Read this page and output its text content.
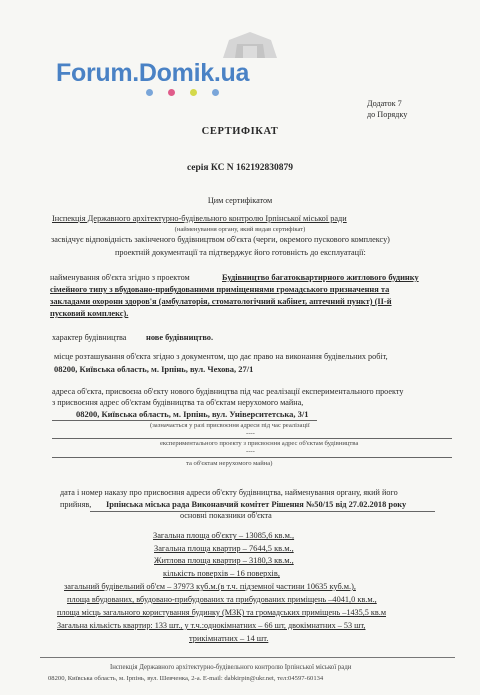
Forum.Domik.ua
Додаток 7
до Порядку
СЕРТИФІКАТ
серія КС N 162192830879
Цим сертифікатом
Інспекція Державного архітектурно-будівельного контролю Ірпінської міської ради
(найменування органу, який видав сертифікат)
засвідчує відповідність закінченого будівництвом об'єкта (черги, окремого пускового комплексу)
проектній документації та підтверджує його готовність до експлуатації:
найменування об'єкта згідно з проектом	Будівництво багатоквартирного житлового будинку
сімейного типу з вбудовано-прибудованими приміщеннями громадського призначення та
закладами охорони здоров'я (амбулаторія, стоматологічний кабінет, аптечний пункт) (II-й
пусковий комплекс).
характер будівництва нове будівництво.
місце розташування об'єкта згідно з документом, що дає право на виконання будівельних робіт,
08200, Київська область, м. Ірпінь, вул. Чехова, 27/1
адреса об'єкта, присвоєна об'єкту нового будівництва під час реалізації експериментального проекту
з присвоєння адрес об'єктам будівництва та об'єктам нерухомого майна,
08200, Київська область, м. Ірпінь, вул. Університетська, 3/1
(зазначається у разі присвоєння адреси під час реалізації
----
експериментального проекту з присвоєння адрес об'єктам будівництва
----
та об'єктам нерухомого майна)
дата і номер наказу про присвоєння адреси об'єкту будівництва, найменування органу, який його
прийняв, Ірпінська міська рада Виконавчий комітет Рішення №50/15 від 27.02.2018 року
основні показники об'єкта
Загальна площа об'єкту – 13085,6 кв.м.,
Загальна площа квартир – 7644,5 кв.м.,
Житлова площа квартир – 3180,3 кв.м.,
кількість поверхів – 16 поверхів,
загальний будівельний об'єм – 37973 куб.м.(в т.ч. підземної частини 10635 куб.м.),
площа вбудованих, вбудовано-прибудованих та прибудованих приміщень –4041,0 кв.м.,
площа місць загального користування будинку (МЗК) та громадських приміщень –1435,5 кв.м
Загальна кількість квартир: 133 шт., у т.ч.:однокімнатних – 66 шт, двокімнатних – 53 шт,
трикімнатних – 14 шт.
Інспекція Державного архітектурно-будівельного контролю Ірпінської міської ради
08200, Київська область, м. Ірпінь, вул. Шевченка, 2-а. E-mail: dabkirpin@ukr.net, тел:04597-60134
